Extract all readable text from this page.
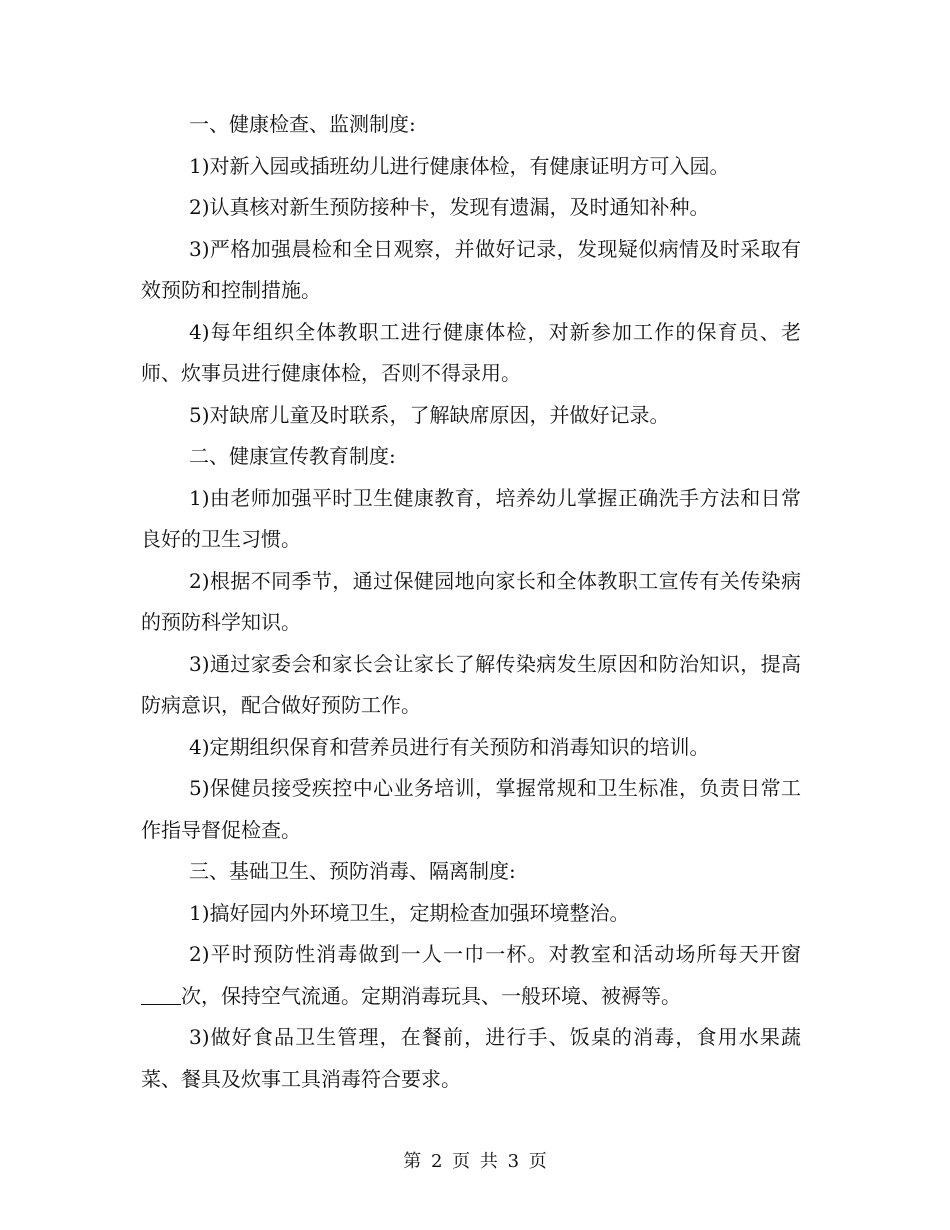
一、健康检查、监测制度:

1)对新入园或插班幼儿进行健康体检，有健康证明方可入园。

2)认真核对新生预防接种卡，发现有遗漏，及时通知补种。

3)严格加强晨检和全日观察，并做好记录，发现疑似病情及时采取有效预防和控制措施。

4)每年组织全体教职工进行健康体检，对新参加工作的保育员、老师、炊事员进行健康体检，否则不得录用。

5)对缺席儿童及时联系，了解缺席原因，并做好记录。

二、健康宣传教育制度:

1)由老师加强平时卫生健康教育，培养幼儿掌握正确洗手方法和日常良好的卫生习惯。

2)根据不同季节，通过保健园地向家长和全体教职工宣传有关传染病的预防科学知识。

3)通过家委会和家长会让家长了解传染病发生原因和防治知识，提高防病意识，配合做好预防工作。

4)定期组织保育和营养员进行有关预防和消毒知识的培训。

5)保健员接受疾控中心业务培训，掌握常规和卫生标准，负责日常工作指导督促检查。

三、基础卫生、预防消毒、隔离制度:

1)搞好园内外环境卫生，定期检查加强环境整治。

2)平时预防性消毒做到一人一巾一杯。对教室和活动场所每天开窗次，保持空气流通。定期消毒玩具、一般环境、被褥等。

3)做好食品卫生管理，在餐前，进行手、饭桌的消毒，食用水果蔬菜、餐具及炊事工具消毒符合要求。

第 2 页 共 3 页
